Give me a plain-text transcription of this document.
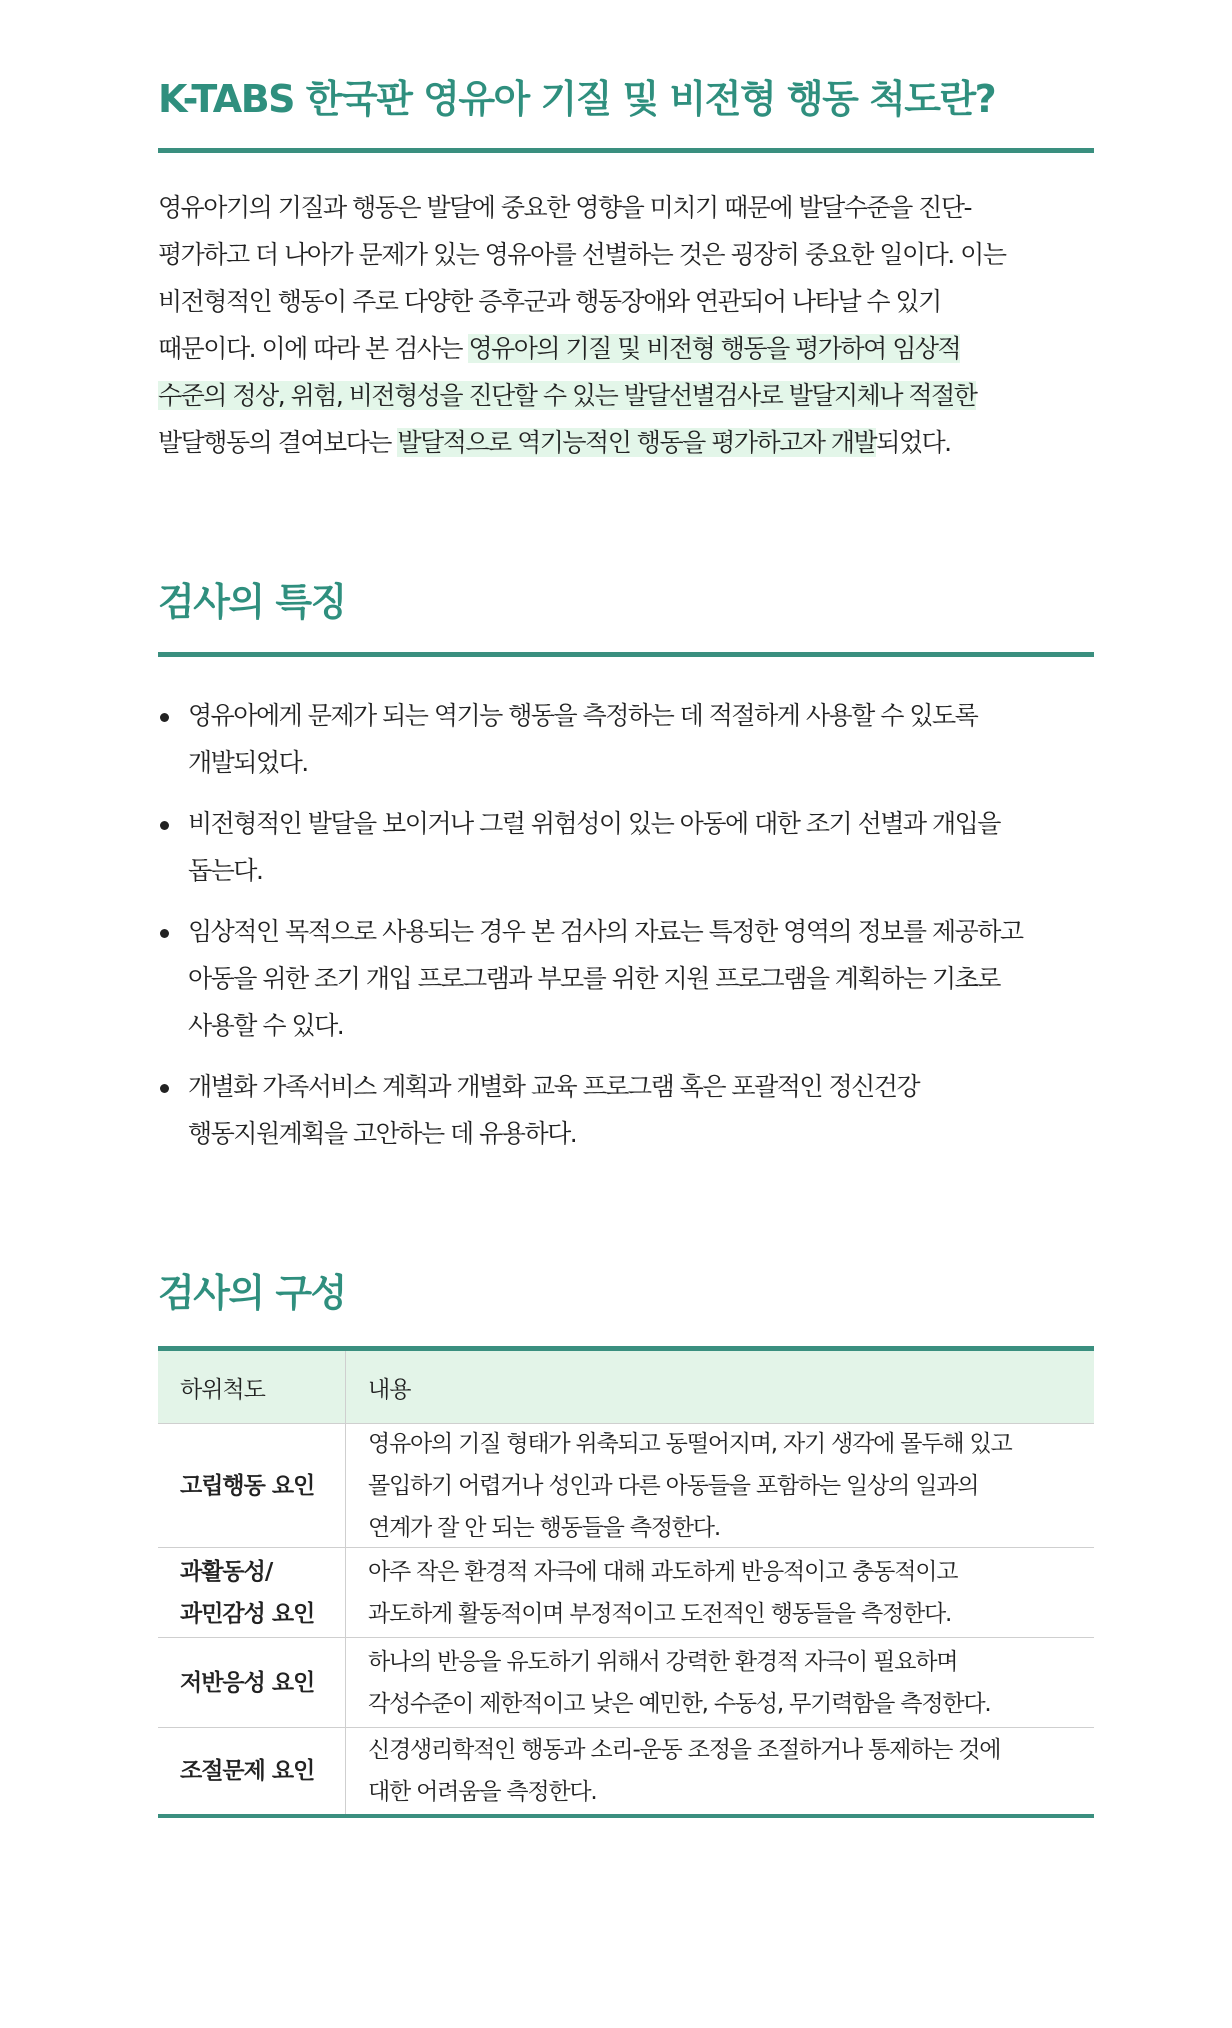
K-TABS 한국판 영유아 기질 및 비전형 행동 척도란?
영유아기의 기질과 행동은 발달에 중요한 영향을 미치기 때문에 발달수준을 진단-
평가하고 더 나아가 문제가 있는 영유아를 선별하는 것은 굉장히 중요한 일이다. 이는
비전형적인 행동이 주로 다양한 증후군과 행동장애와 연관되어 나타날 수 있기
때문이다. 이에 따라 본 검사는 영유아의 기질 및 비전형 행동을 평가하여 임상적
수준의 정상, 위험, 비전형성을 진단할 수 있는 발달선별검사로 발달지체나 적절한
발달행동의 결여보다는 발달적으로 역기능적인 행동을 평가하고자 개발되었다.
검사의 특징
영유아에게 문제가 되는 역기능 행동을 측정하는 데 적절하게 사용할 수 있도록
개발되었다.
비전형적인 발달을 보이거나 그럴 위험성이 있는 아동에 대한 조기 선별과 개입을
돕는다.
임상적인 목적으로 사용되는 경우 본 검사의 자료는 특정한 영역의 정보를 제공하고
아동을 위한 조기 개입 프로그램과 부모를 위한 지원 프로그램을 계획하는 기초로
사용할 수 있다.
개별화 가족서비스 계획과 개별화 교육 프로그램 혹은 포괄적인 정신건강
행동지원계획을 고안하는 데 유용하다.
검사의 구성
하위척도	내용
고립행동 요인
영유아의 기질 형태가 위축되고 동떨어지며, 자기 생각에 몰두해 있고
몰입하기 어렵거나 성인과 다른 아동들을 포함하는 일상의 일과의
연계가 잘 안 되는 행동들을 측정한다.
과활동성/
과민감성 요인
아주 작은 환경적 자극에 대해 과도하게 반응적이고 충동적이고
과도하게 활동적이며 부정적이고 도전적인 행동들을 측정한다.
저반응성 요인
하나의 반응을 유도하기 위해서 강력한 환경적 자극이 필요하며
각성수준이 제한적이고 낮은 예민한, 수동성, 무기력함을 측정한다.
조절문제 요인
신경생리학적인 행동과 소리-운동 조정을 조절하거나 통제하는 것에
대한 어려움을 측정한다.
